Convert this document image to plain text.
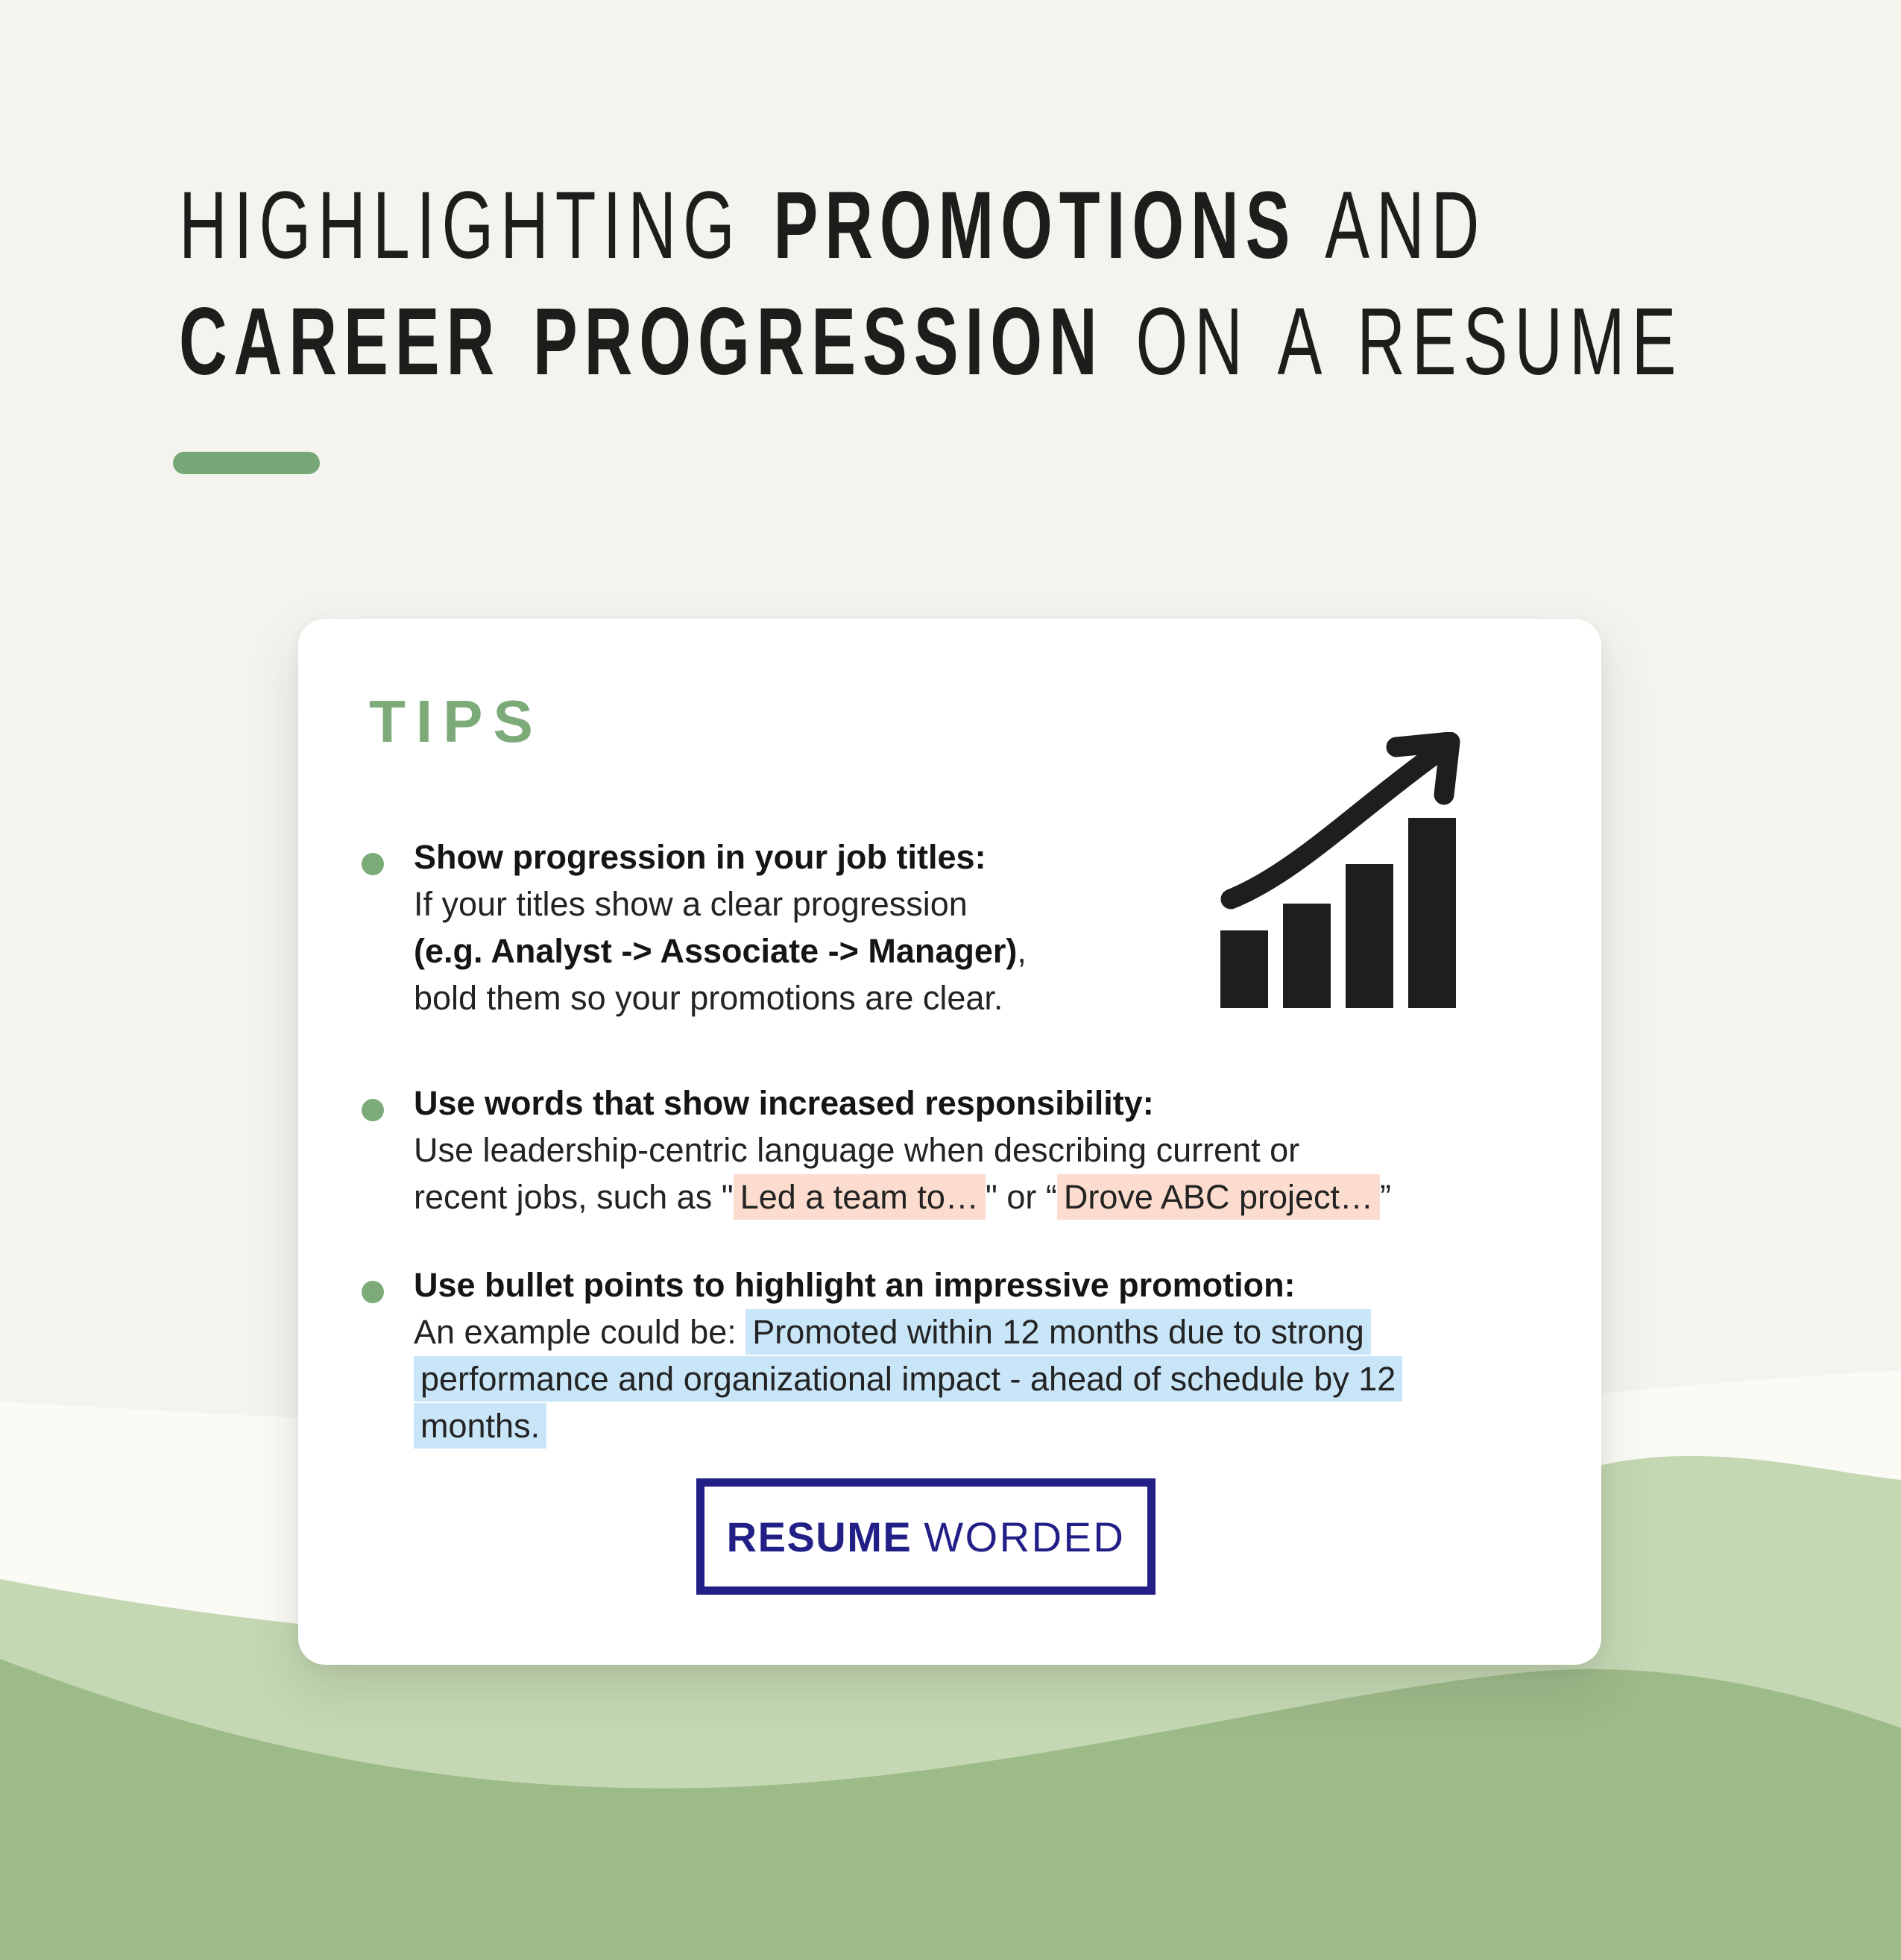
HIGHLIGHTING PROMOTIONS AND
CAREER PROGRESSION ON A RESUME
TIPS
Show progression in your job titles:
If your titles show a clear progression
(e.g. Analyst -> Associate -> Manager),
bold them so your promotions are clear.
Use words that show increased responsibility:
Use leadership-centric language when describing current or
recent jobs, such as " Led a team to… " or “ Drove ABC project… ”
Use bullet points to highlight an impressive promotion:
An example could be: Promoted within 12 months due to strong
performance and organizational impact - ahead of schedule by 12
months.
RESUME WORDED
